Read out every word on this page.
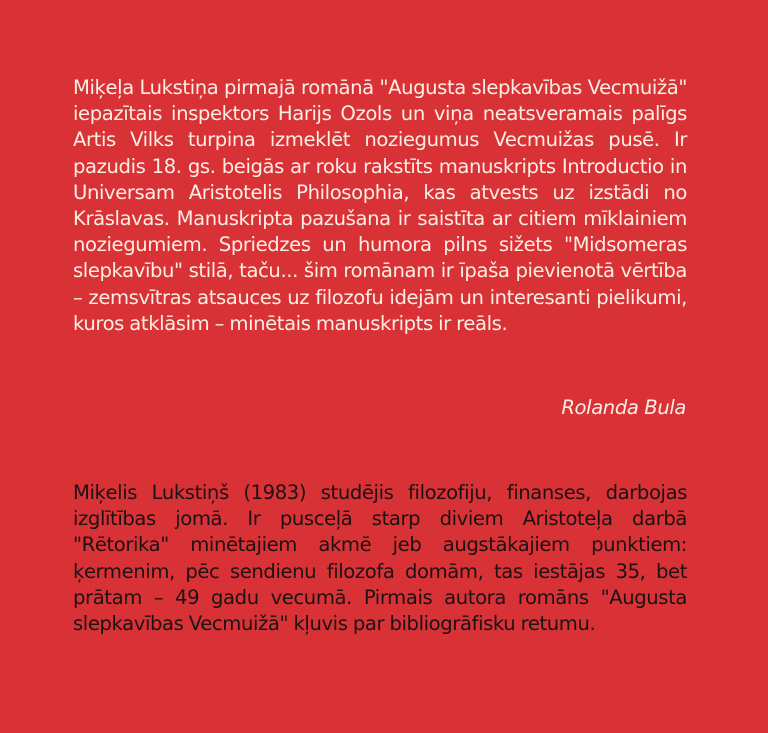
Miķeļa Lukstiņa pirmajā romānā "Augusta slepkavības Vecmuižā" iepazītais inspektors Harijs Ozols un viņa neatsveramais palīgs Artis Vilks turpina izmeklēt noziegumus Vecmuižas pusē. Ir pazudis 18. gs. beigās ar roku rakstīts manuskripts Introductio in Universam Aristotelis Philosophia, kas atvests uz izstādi no Krāslavas. Manuskripta pazušana ir saistīta ar citiem mīklainiem noziegumiem. Spriedzes un humora pilns sižets "Midsomeras slepkavību" stilā, taču... šim romānam ir īpaša pievienotā vērtība – zemsvītras atsauces uz filozofu idejām un interesanti pielikumi, kuros atklāsim – minētais manuskripts ir reāls.

Rolanda Bula

Miķelis Lukstiņš (1983) studējis filozofiju, finanses, darbojas izglītības jomā. Ir pusceļā starp diviem Aristoteļa darbā "Rētorika" minētajiem akmē jeb augstākajiem punktiem: ķermenim, pēc sendienu filozofa domām, tas iestājas 35, bet prātam – 49 gadu vecumā. Pirmais autora romāns "Augusta slepkavības Vecmuižā" kļuvis par bibliogrāfisku retumu.
